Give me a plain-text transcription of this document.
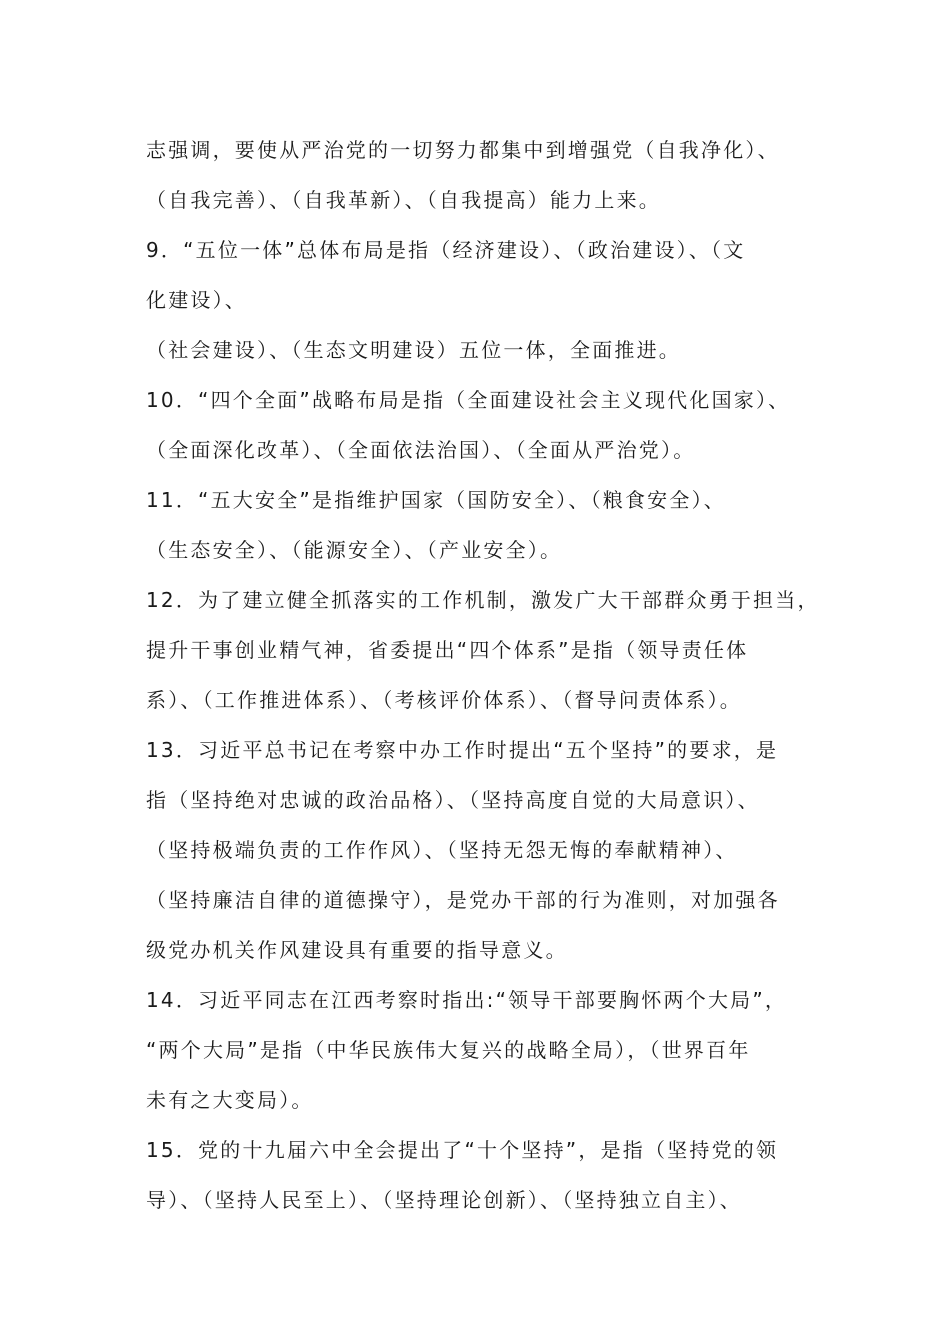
志强调，要使从严治党的一切努力都集中到增强党（自我净化）、
（自我完善）、（自我革新）、（自我提高）能力上来。
9．“五位一体”总体布局是指（经济建设）、（政治建设）、（文
化建设）、
（社会建设）、（生态文明建设）五位一体，全面推进。
10．“四个全面”战略布局是指（全面建设社会主义现代化国家）、
（全面深化改革）、（全面依法治国）、（全面从严治党）。
11．“五大安全”是指维护国家（国防安全）、（粮食安全）、
（生态安全）、（能源安全）、（产业安全）。
12．为了建立健全抓落实的工作机制，激发广大干部群众勇于担当，
提升干事创业精气神，省委提出“四个体系”是指（领导责任体
系）、（工作推进体系）、（考核评价体系）、（督导问责体系）。
13．习近平总书记在考察中办工作时提出“五个坚持”的要求，是
指（坚持绝对忠诚的政治品格）、（坚持高度自觉的大局意识）、
（坚持极端负责的工作作风）、（坚持无怨无悔的奉献精神）、
（坚持廉洁自律的道德操守），是党办干部的行为准则，对加强各
级党办机关作风建设具有重要的指导意义。
14．习近平同志在江西考察时指出:“领导干部要胸怀两个大局”，
“两个大局”是指（中华民族伟大复兴的战略全局），（世界百年
未有之大变局）。
15．党的十九届六中全会提出了“十个坚持”，是指（坚持党的领
导）、（坚持人民至上）、（坚持理论创新）、（坚持独立自主）、
